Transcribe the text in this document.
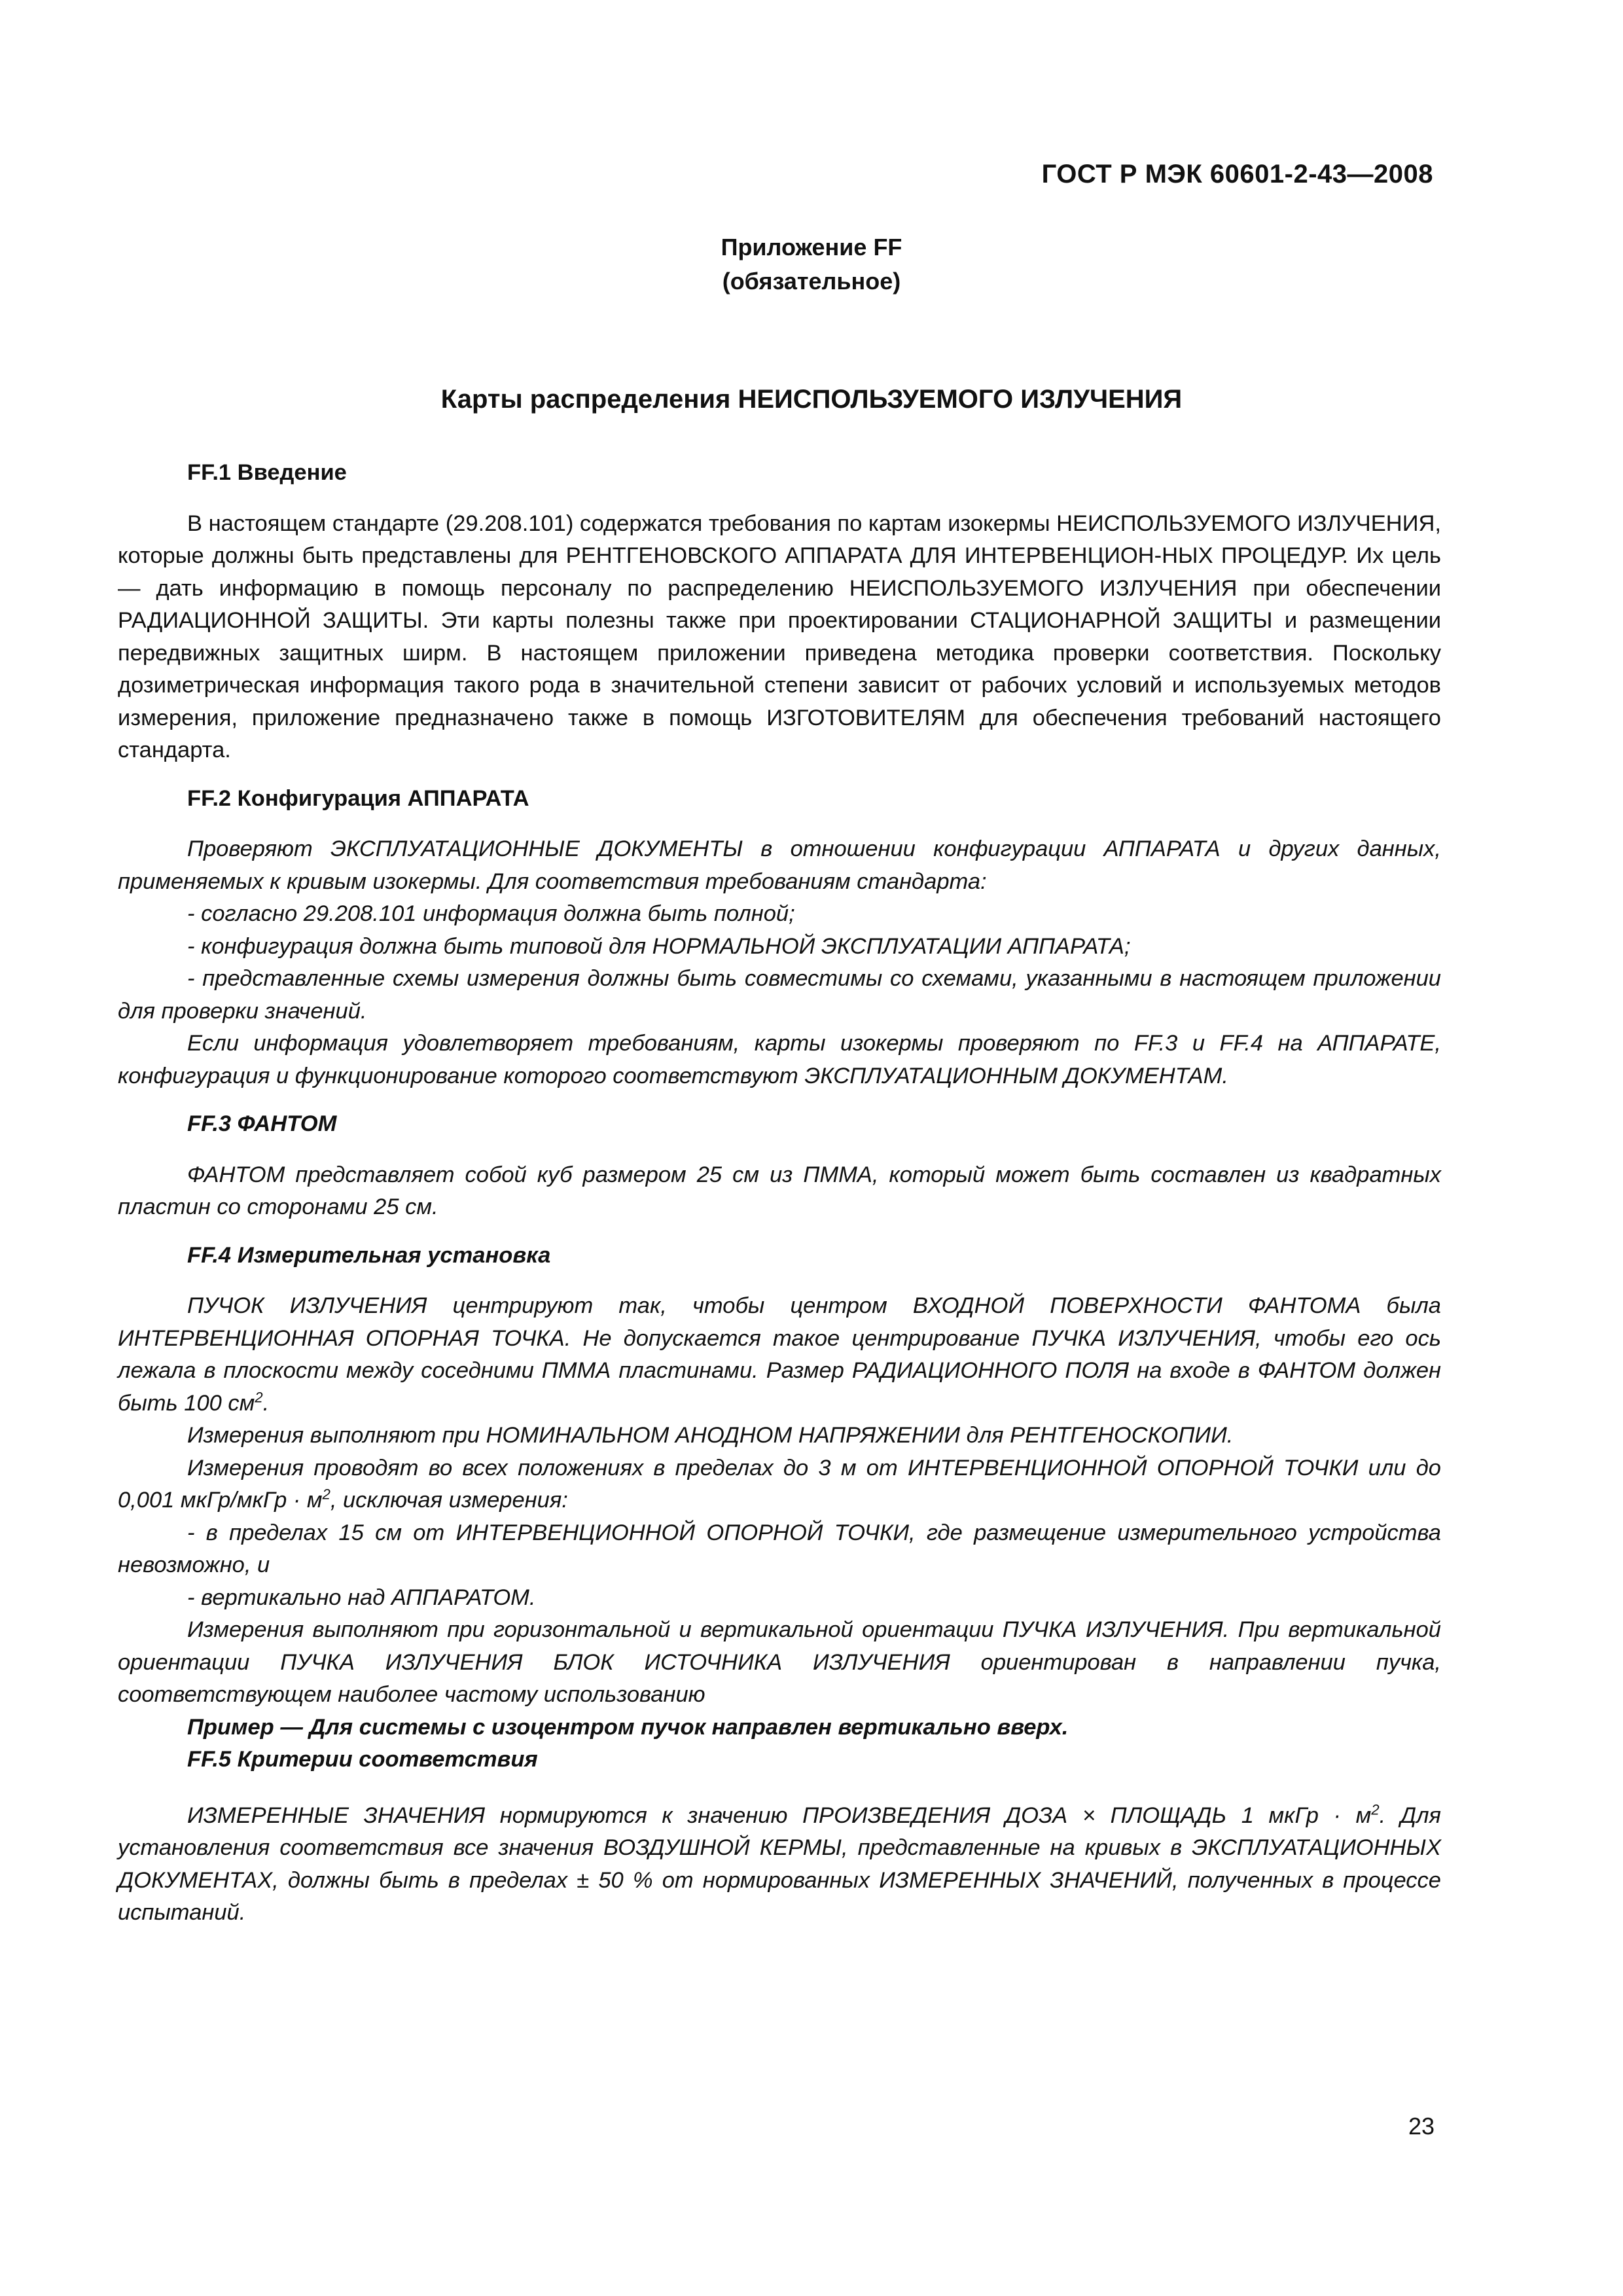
ГОСТ Р МЭК 60601-2-43—2008
Приложение FF
(обязательное)
Карты распределения НЕИСПОЛЬЗУЕМОГО ИЗЛУЧЕНИЯ
FF.1 Введение

В настоящем стандарте (29.208.101) содержатся требования по картам изокермы НЕИСПОЛЬЗУЕМОГО ИЗЛУЧЕНИЯ, которые должны быть представлены для РЕНТГЕНОВСКОГО АППАРАТА ДЛЯ ИНТЕРВЕНЦИОН-НЫХ ПРОЦЕДУР. Их цель — дать информацию в помощь персоналу по распределению НЕИСПОЛЬЗУЕМОГО ИЗЛУЧЕНИЯ при обеспечении РАДИАЦИОННОЙ ЗАЩИТЫ. Эти карты полезны также при проектировании СТАЦИОНАРНОЙ ЗАЩИТЫ и размещении передвижных защитных ширм. В настоящем приложении приведена методика проверки соответствия. Поскольку дозиметрическая информация такого рода в значительной степени зависит от рабочих условий и используемых методов измерения, приложение предназначено также в помощь ИЗГОТОВИТЕЛЯМ для обеспечения требований настоящего стандарта.

FF.2 Конфигурация АППАРАТА

Проверяют ЭКСПЛУАТАЦИОННЫЕ ДОКУМЕНТЫ в отношении конфигурации АППАРАТА и других данных, применяемых к кривым изокермы. Для соответствия требованиям стандарта:

- согласно 29.208.101 информация должна быть полной;

- конфигурация должна быть типовой для НОРМАЛЬНОЙ ЭКСПЛУАТАЦИИ АППАРАТА;

- представленные схемы измерения должны быть совместимы со схемами, указанными в настоящем приложении для проверки значений.

Если информация удовлетворяет требованиям, карты изокермы проверяют по FF.3 и FF.4 на АППАРАТЕ, конфигурация и функционирование которого соответствуют ЭКСПЛУАТАЦИОННЫМ ДОКУМЕНТАМ.

FF.3 ФАНТОМ

ФАНТОМ представляет собой куб размером 25 см из ПММА, который может быть составлен из квадратных пластин со сторонами 25 см.

FF.4 Измерительная установка

ПУЧОК ИЗЛУЧЕНИЯ центрируют так, чтобы центром ВХОДНОЙ ПОВЕРХНОСТИ ФАНТОМА была ИНТЕРВЕНЦИОННАЯ ОПОРНАЯ ТОЧКА. Не допускается такое центрирование ПУЧКА ИЗЛУЧЕНИЯ, чтобы его ось лежала в плоскости между соседними ПММА пластинами. Размер РАДИАЦИОННОГО ПОЛЯ на входе в ФАНТОМ должен быть 100 $см^2$.

Измерения выполняют при НОМИНАЛЬНОМ АНОДНОМ НАПРЯЖЕНИИ для РЕНТГЕНОСКОПИИ.

Измерения проводят во всех положениях в пределах до 3 м от ИНТЕРВЕНЦИОННОЙ ОПОРНОЙ ТОЧКИ или до 0,001 мкГр/мкГр · $м^2$, исключая измерения:

- в пределах 15 см от ИНТЕРВЕНЦИОННОЙ ОПОРНОЙ ТОЧКИ, где размещение измерительного устройства невозможно, и

- вертикально над АППАРАТОМ.

Измерения выполняют при горизонтальной и вертикальной ориентации ПУЧКА ИЗЛУЧЕНИЯ. При вертикальной ориентации ПУЧКА ИЗЛУЧЕНИЯ БЛОК ИСТОЧНИКА ИЗЛУЧЕНИЯ ориентирован в направлении пучка, соответствующем наиболее частому использованию

Пример — Для системы с изоцентром пучок направлен вертикально вверх.
FF.5 Критерии соответствия

ИЗМЕРЕННЫЕ ЗНАЧЕНИЯ нормируются к значению ПРОИЗВЕДЕНИЯ ДОЗА × ПЛОЩАДЬ 1 мкГр · $м^2$. Для установления соответствия все значения ВОЗДУШНОЙ КЕРМЫ, представленные на кривых в ЭКСПЛУАТАЦИОННЫХ ДОКУМЕНТАХ, должны быть в пределах ± 50 % от нормированных ИЗМЕРЕННЫХ ЗНАЧЕНИЙ, полученных в процессе испытаний.

23
